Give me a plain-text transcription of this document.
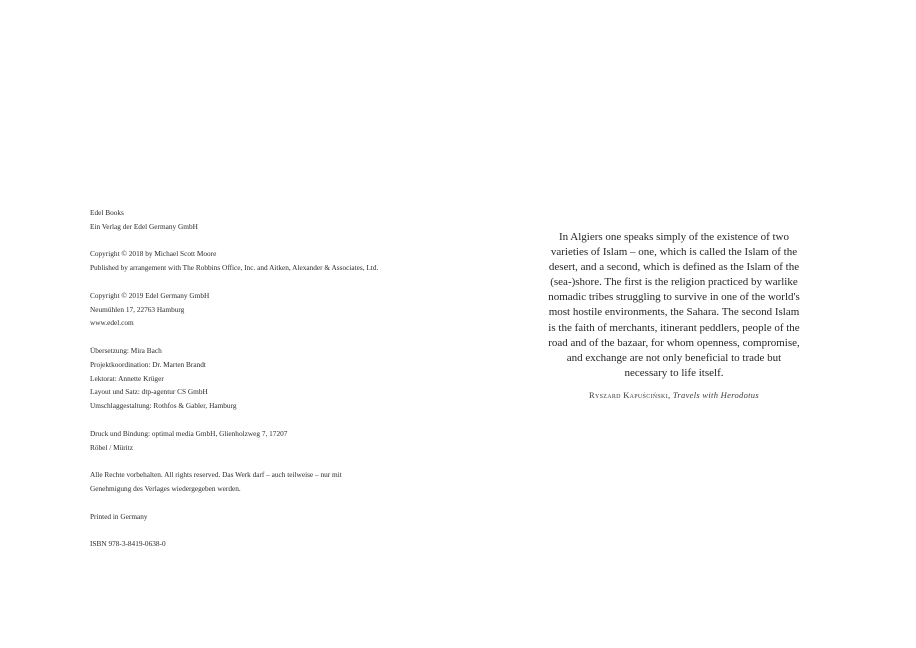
Edel Books
Ein Verlag der Edel Germany GmbH
Copyright © 2018 by Michael Scott Moore
Published by arrangement with The Robbins Office, Inc. and Aitken, Alexander & Associates, Ltd.
Copyright © 2019 Edel Germany GmbH
Neumühlen 17, 22763 Hamburg
www.edel.com
Übersetzung: Mira Bach
Projektkoordination: Dr. Marten Brandt
Lektorat: Annette Krüger
Layout und Satz: dtp-agentur CS GmbH
Umschlaggestaltung: Rothfos & Gabler, Hamburg
Druck und Bindung: optimal media GmbH, Glienholzweg 7, 17207 Röbel / Müritz
Alle Rechte vorbehalten. All rights reserved. Das Werk darf – auch teilweise – nur mit Genehmigung des Verlages wiedergegeben werden.
Printed in Germany
ISBN 978-3-8419-0638-0

In Algiers one speaks simply of the existence of two varieties of Islam – one, which is called the Islam of the desert, and a second, which is defined as the Islam of the (sea-)shore. The first is the religion practiced by warlike nomadic tribes struggling to survive in one of the world's most hostile environments, the Sahara. The second Islam is the faith of merchants, itinerant peddlers, people of the road and of the bazaar, for whom openness, compromise, and exchange are not only beneficial to trade but necessary to life itself.

Ryszard Kapuściński, Travels with Herodotus
